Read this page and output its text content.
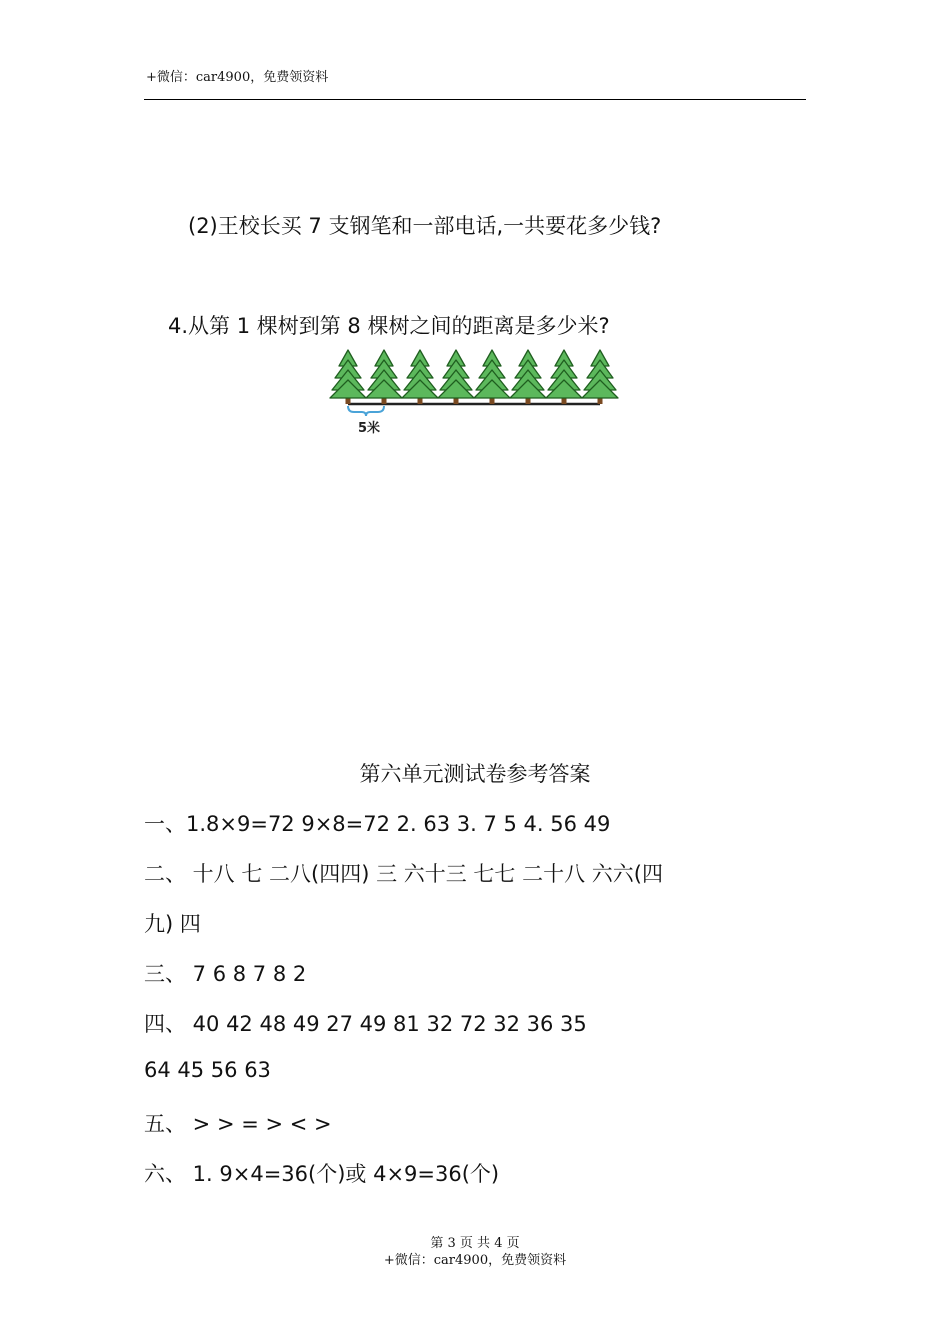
+微信：car4900，免费领资料
(2)王校长买 7 支钢笔和一部电话,一共要花多少钱?
4.从第 1 棵树到第 8 棵树之间的距离是多少米?
5米
第六单元测试卷参考答案
一、1.8×9=72 9×8=72 2. 63 3. 7 5 4. 56 49
二、 十八 七 二八(四四) 三 六十三 七七 二十八 六六(四
九) 四
三、 7 6 8 7 8 2
四、 40 42 48 49 27 49 81 32 72 32 36 35
64 45 56 63
五、 > > = > < >
六、 1. 9×4=36(个)或 4×9=36(个)
第 3 页 共 4 页
+微信：car4900，免费领资料
